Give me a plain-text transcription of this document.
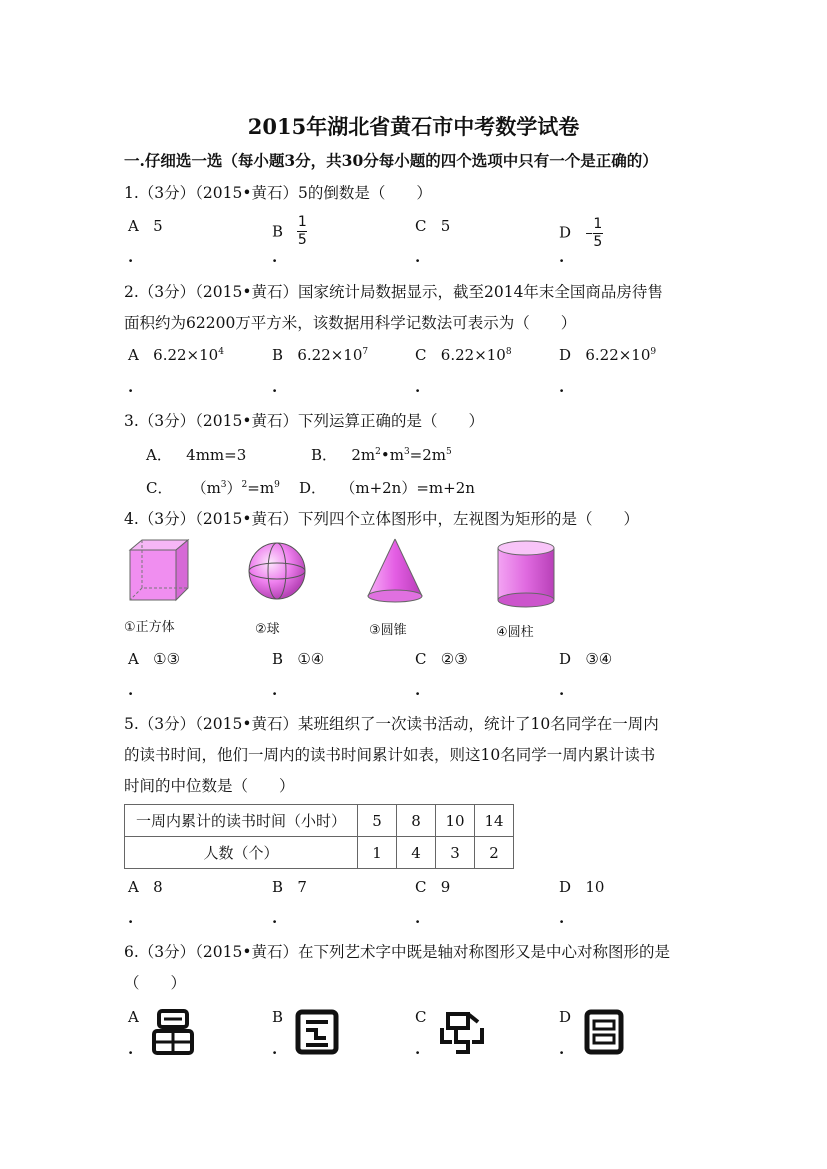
2015年湖北省黄石市中考数学试卷
一.仔细选一选（每小题3分，共30分每小题的四个选项中只有一个是正确的）
1.（3分）（2015•黄石）5的倒数是（　　）
A 5	B $\frac{1}{5}$	C 5	D – $\frac{1}{5}$
.	.	.	.
2.（3分）（2015•黄石）国家统计局数据显示，截至2014年末全国商品房待售
面积约为62200万平方米，该数据用科学记数法可表示为（　　）
A $6.22\times 10^4$	B $6.22\times 10^7$	C $6.22\times 10^8$	D $6.22\times 10^9$
.	.	.	.
3.（3分）（2015•黄石）下列运算正确的是（　　）
A． 4mm=3	B． $2m^2•m^3=2m^5$
C． $(m^3)^2=m^9$ D． （m+2n）=m+2n
4.（3分）（2015•黄石）下列四个立体图形中，左视图为矩形的是（　　）
①正方体	②球	③圆锥	④圆柱
A ①③	B ①④	C ②③	D ③④
.	.	.	.
5.（3分）（2015•黄石）某班组织了一次读书活动，统计了10名同学在一周内
的读书时间，他们一周内的读书时间累计如表，则这10名同学一周内累计读书
时间的中位数是（　　）
一周内累计的读书时间（小时）	5	8	10	14
人数（个）	1	4	3	2
A 8	B 7	C 9	D 10
.	.	.	.
6.（3分）（2015•黄石）在下列艺术字中既是轴对称图形又是中心对称图形的是
（　　）
A	B	C	D
.	.	.	.
